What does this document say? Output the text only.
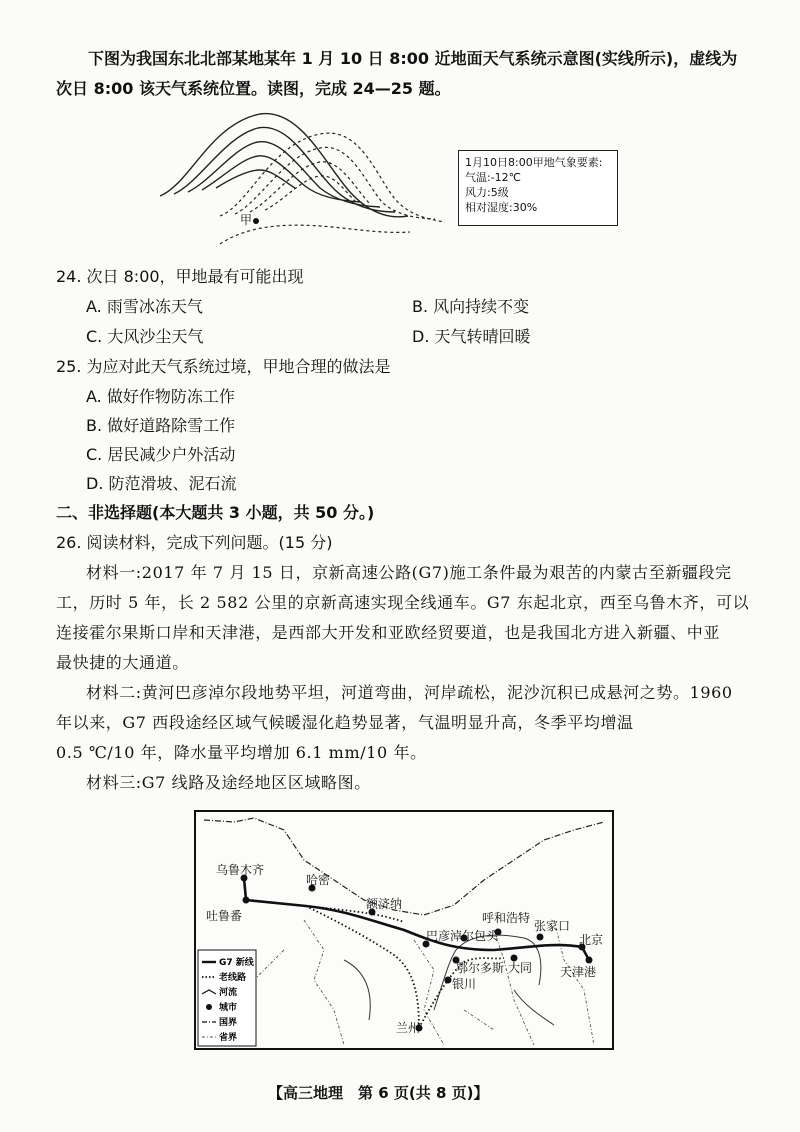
下图为我国东北北部某地某年 1 月 10 日 8:00 近地面天气系统示意图(实线所示)，虚线为
次日 8:00 该天气系统位置。读图，完成 24—25 题。
甲
1月10日8:00甲地气象要素:
气温:-12℃
风力:5级
相对湿度:30%
24. 次日 8:00，甲地最有可能出现
A. 雨雪冰冻天气	B. 风向持续不变
C. 大风沙尘天气	D. 天气转晴回暖
25. 为应对此天气系统过境，甲地合理的做法是
A. 做好作物防冻工作
B. 做好道路除雪工作
C. 居民减少户外活动
D. 防范滑坡、泥石流
二、非选择题(本大题共 3 小题，共 50 分。)
26. 阅读材料，完成下列问题。(15 分)
材料一:2017 年 7 月 15 日，京新高速公路(G7)施工条件最为艰苦的内蒙古至新疆段完
工，历时 5 年，长 2 582 公里的京新高速实现全线通车。G7 东起北京，西至乌鲁木齐，可以
连接霍尔果斯口岸和天津港，是西部大开发和亚欧经贸要道，也是我国北方进入新疆、中亚
最快捷的大通道。
材料二:黄河巴彦淖尔段地势平坦，河道弯曲，河岸疏松，泥沙沉积已成悬河之势。1960
年以来，G7 西段途经区域气候暖湿化趋势显著，气温明显升高，冬季平均增温
0.5 ℃/10 年，降水量平均增加 6.1 mm/10 年。
材料三:G7 线路及途经地区区域略图。
乌鲁木齐
吐鲁番
哈密
额济纳
巴彦淖尔 包头
呼和浩特
张家口
北京
天津港
鄂尔多斯 大同
银川
兰州
G7 新线
老线路
河流
城市
国界
省界
【高三地理　第 6 页(共 8 页)】
